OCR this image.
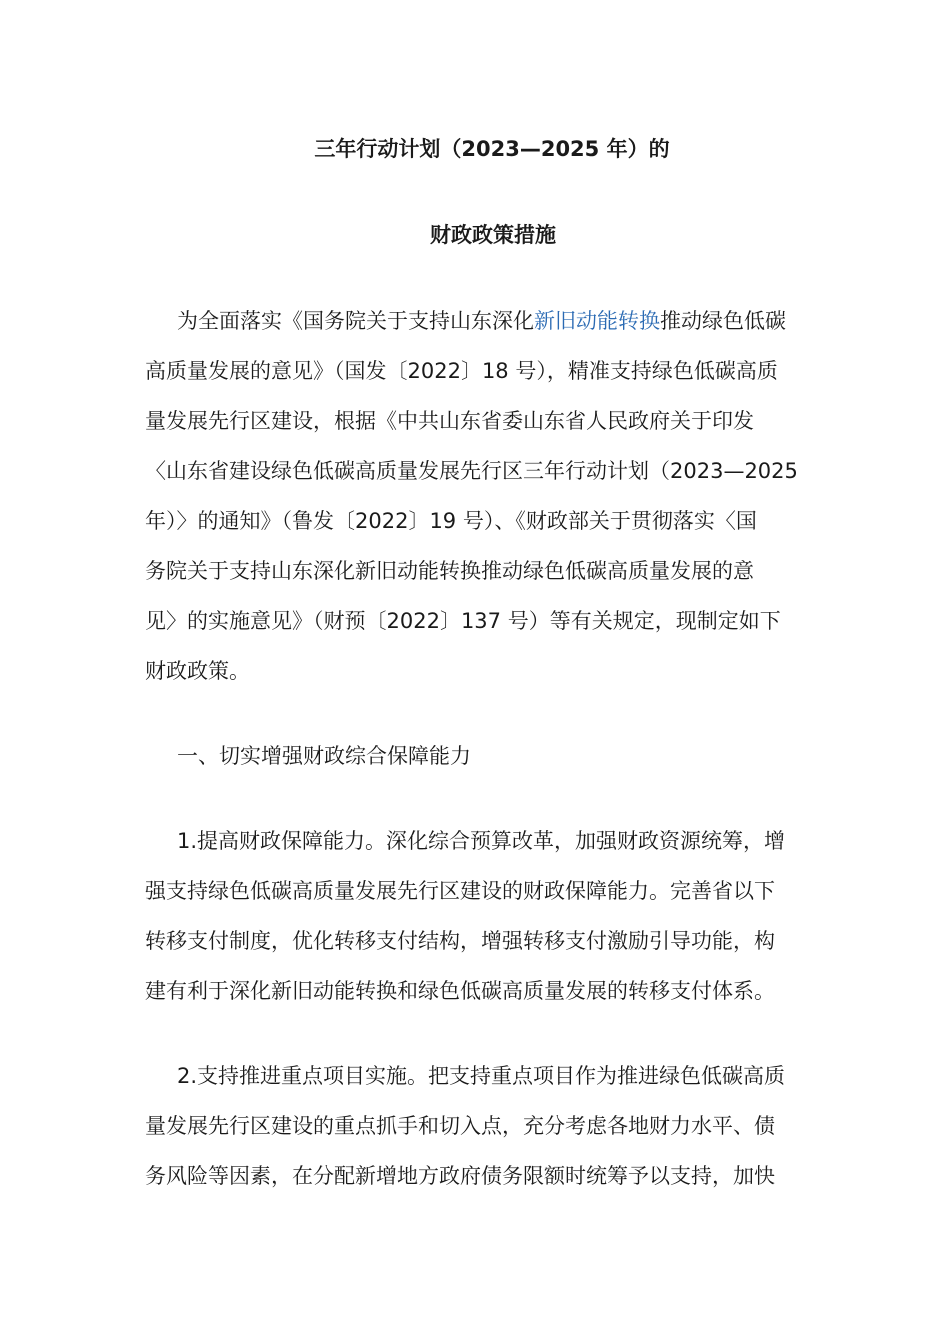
三年行动计划（2023—2025 年）的

财政政策措施

为全面落实《国务院关于支持山东深化新旧动能转换推动绿色低碳

高质量发展的意见》（国发〔2022〕18 号），精准支持绿色低碳高质

量发展先行区建设，根据《中共山东省委山东省人民政府关于印发

〈山东省建设绿色低碳高质量发展先行区三年行动计划（2023—2025

年）〉的通知》（鲁发〔2022〕19 号）、《财政部关于贯彻落实〈国

务院关于支持山东深化新旧动能转换推动绿色低碳高质量发展的意

见〉的实施意见》（财预〔2022〕137 号）等有关规定，现制定如下

财政政策。

一、切实增强财政综合保障能力

1.提高财政保障能力。深化综合预算改革，加强财政资源统筹，增

强支持绿色低碳高质量发展先行区建设的财政保障能力。完善省以下

转移支付制度，优化转移支付结构，增强转移支付激励引导功能，构

建有利于深化新旧动能转换和绿色低碳高质量发展的转移支付体系。

2.支持推进重点项目实施。把支持重点项目作为推进绿色低碳高质

量发展先行区建设的重点抓手和切入点，充分考虑各地财力水平、债

务风险等因素，在分配新增地方政府债务限额时统筹予以支持，加快
